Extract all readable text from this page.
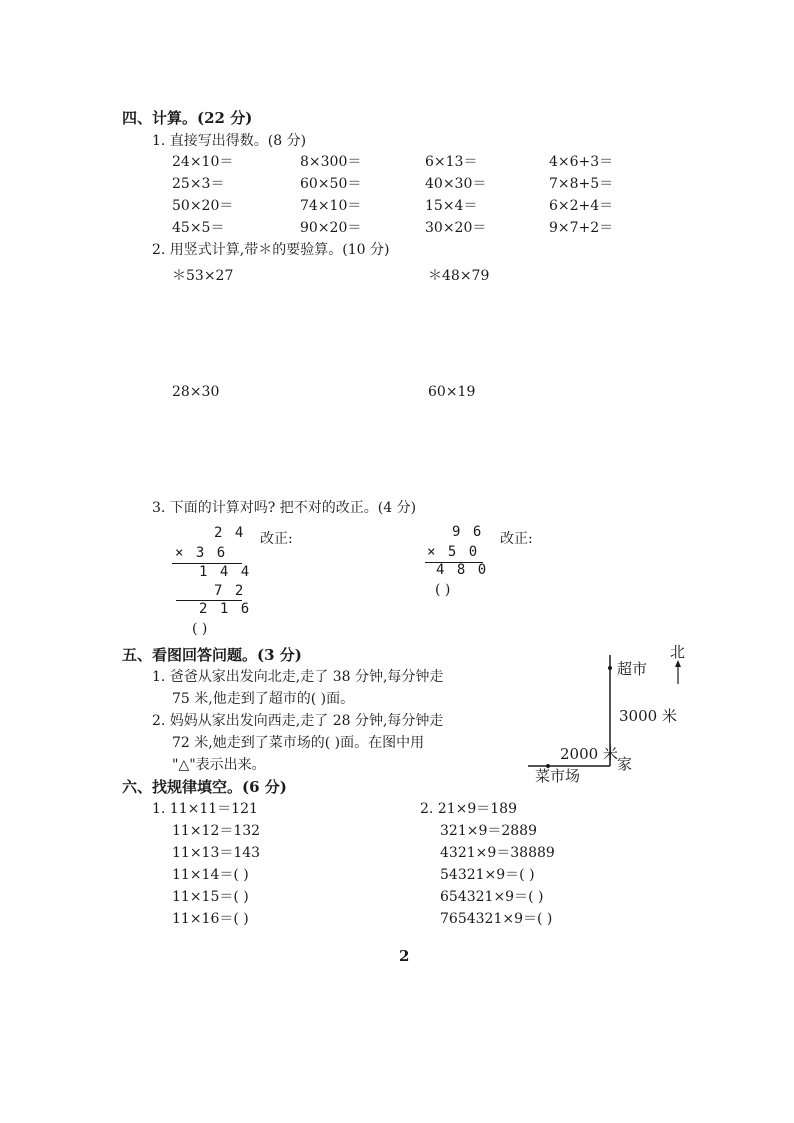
四、计算。(22 分)
1. 直接写出得数。(8 分)
24×10＝	8×300＝	6×13＝	4×6+3＝
25×3＝	60×50＝	40×30＝	7×8+5＝
50×20＝	74×10＝	15×4＝	6×2+4＝
45×5＝	90×20＝	30×20＝	9×7+2＝
2. 用竖式计算,带＊的要验算。(10 分)
＊53×27	＊48×79
28×30	60×19
3. 下面的计算对吗? 把不对的改正。(4 分)
2 4
× 3 6
1 4 4
7 2
2 1 6
( )
改正:	9 6
× 5 0
4 8 0
( )
改正:
五、看图回答问题。(3 分)
1. 爸爸从家出发向北走,走了 38 分钟,每分钟走
75 米,他走到了超市的( )面。
2. 妈妈从家出发向西走,走了 28 分钟,每分钟走
72 米,她走到了菜市场的( )面。在图中用
"△"表示出来。
北
超市
3000 米
2000 米
家
菜市场
六、找规律填空。(6 分)
1. 11×11＝121
11×12＝132
11×13＝143
11×14＝( )
11×15＝( )
11×16＝( )
2. 21×9＝189
321×9＝2889
4321×9＝38889
54321×9＝( )
654321×9＝( )
7654321×9＝( )
2
